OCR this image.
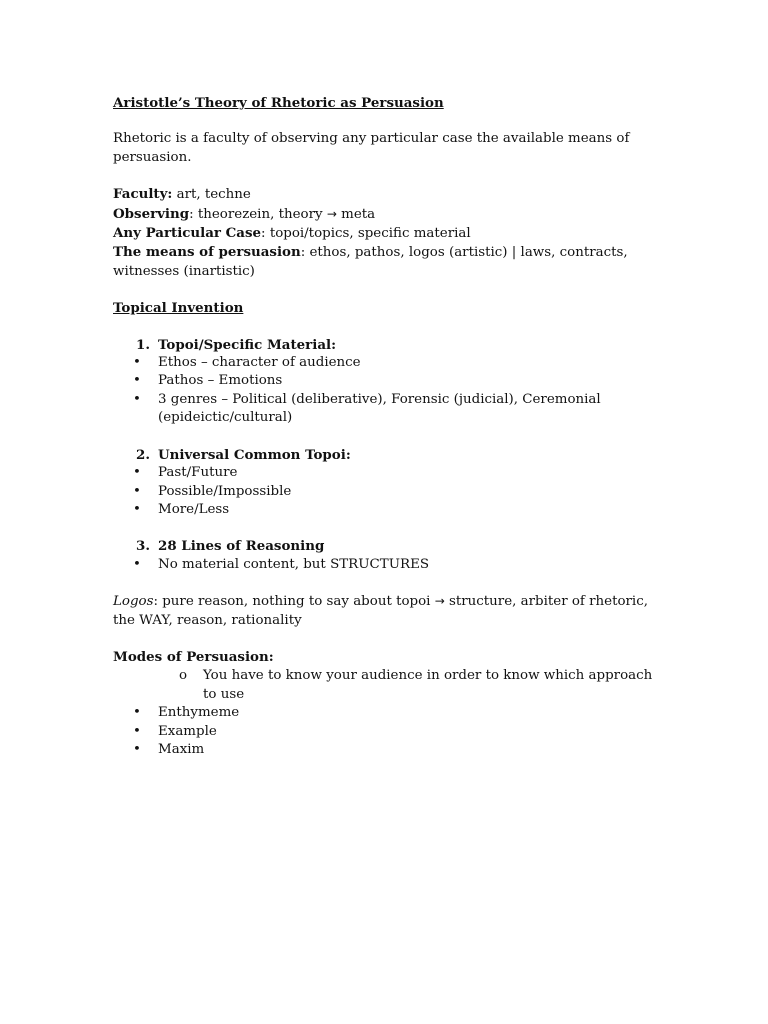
Aristotle’s Theory of Rhetoric as Persuasion

Rhetoric is a faculty of observing any particular case the available means of persuasion.

Faculty: art, techne

Observing: theorezein, theory → meta

Any Particular Case: topoi/topics, specific material

The means of persuasion: ethos, pathos, logos (artistic) | laws, contracts, witnesses (inartistic)

Topical Invention

1. Topoi/Specific Material:
•	Ethos – character of audience
•	Pathos – Emotions
•	3 genres – Political (deliberative), Forensic (judicial), Ceremonial (epideictic/cultural)
2. Universal Common Topoi:
•	Past/Future
•	Possible/Impossible
•	More/Less
3. 28 Lines of Reasoning
•	No material content, but STRUCTURES

Logos: pure reason, nothing to say about topoi → structure, arbiter of rhetoric, the WAY, reason, rationality

Modes of Persuasion:

o	You have to know your audience in order to know which approach to use
•	Enthymeme
•	Example
•	Maxim
